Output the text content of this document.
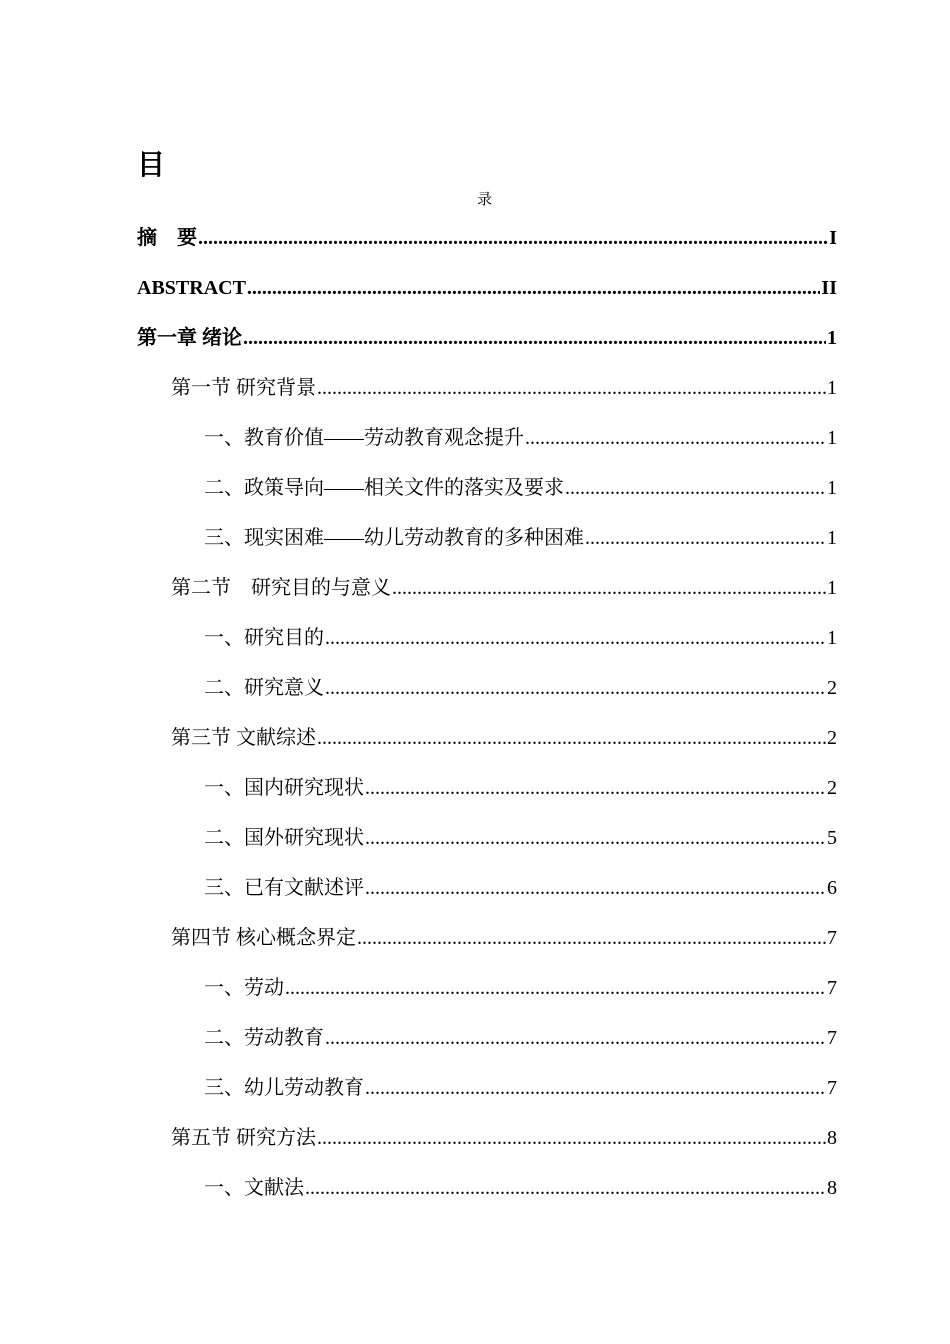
目
录
摘　要 .....	I
ABSTRACT .....	II
第一章 绪论 .....	1
第一节 研究背景 .....	1
一、教育价值——劳动教育观念提升 .....	1
二、政策导向——相关文件的落实及要求 .....	1
三、现实困难——幼儿劳动教育的多种困难 .....	1
第二节　研究目的与意义 .....	1
一、研究目的 .....	1
二、研究意义 .....	2
第三节 文献综述 .....	2
一、国内研究现状 .....	2
二、国外研究现状 .....	5
三、已有文献述评 .....	6
第四节 核心概念界定 .....	7
一、劳动 .....	7
二、劳动教育 .....	7
三、幼儿劳动教育 .....	7
第五节 研究方法 .....	8
一、文献法 .....	8
